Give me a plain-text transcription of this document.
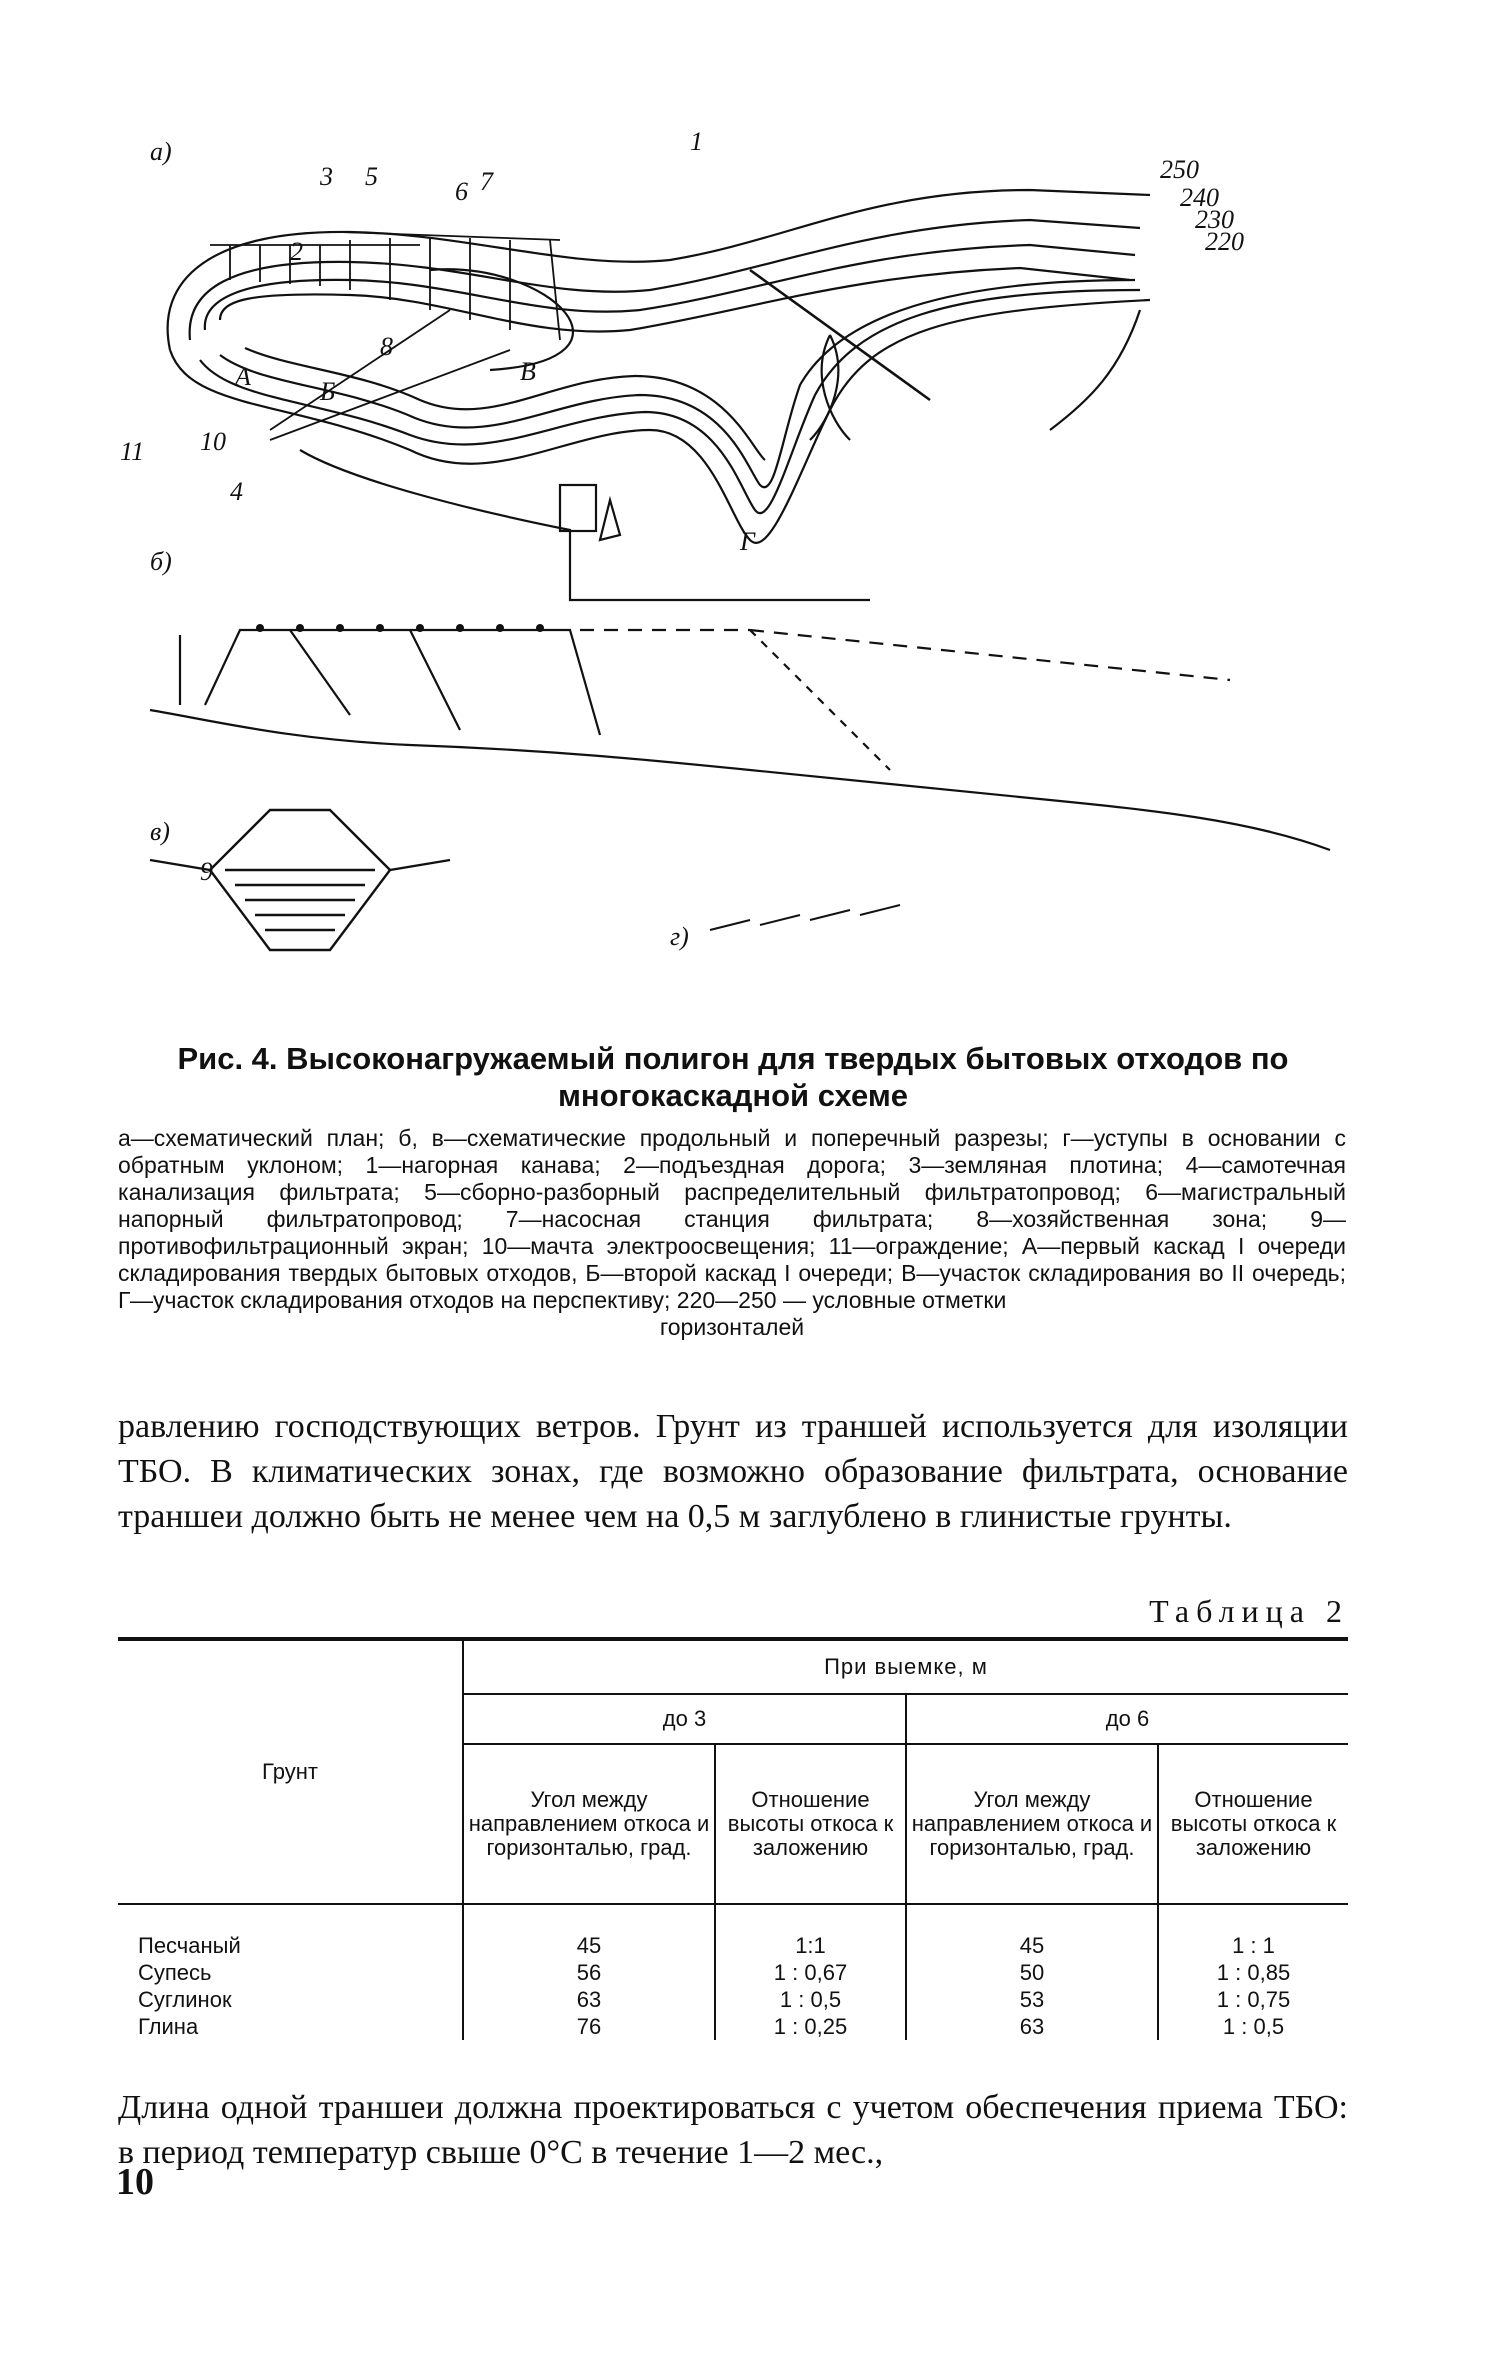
а)
б)
в)
г)
250
240
230
220
1
2
3
4
5
6 7
8
9
10
11
А
Б
В
Г
Рис. 4. Высоконагружаемый полигон для твердых бытовых отходов по многокаскадной схеме
а—схематический план; б, в—схематические продольный и поперечный разрезы; г—уступы в основании с обратным уклоном; 1—нагорная канава; 2—подъездная дорога; 3—земляная плотина; 4—самотечная канализация фильтрата; 5—сборно-разборный распределительный фильтратопровод; 6—магистральный напорный фильтратопровод; 7—насосная станция фильтрата; 8—хозяйственная зона; 9—противофильтрационный экран; 10—мачта электроосвещения; 11—ограждение; А—первый каскад I очереди складирования твердых бытовых отходов, Б—второй каскад I очереди; В—участок складирования во II очередь; Г—участок складирования отходов на перспективу; 220—250 — условные отметки
горизонталей
равлению господствующих ветров. Грунт из траншей используется для изоляции ТБО. В климатических зонах, где возможно образование фильтрата, основание траншеи должно быть не менее чем на 0,5 м заглублено в глинистые грунты.
Таблица 2
Грунт	При выемке, м			
	до 3		до 6	
	Угол между направлением откоса и горизонталью, град.	Отношение высоты откоса к заложению	Угол между направлением откоса и горизонталью, град.	Отношение высоты откоса к заложению

Песчаный	45	1:1	45	1 : 1
Супесь	56	1 : 0,67	50	1 : 0,85
Суглинок	63	1 : 0,5	53	1 : 0,75
Глина	76	1 : 0,25	63	1 : 0,5
Длина одной траншеи должна проектироваться с учетом обеспечения приема ТБО: в период температур свыше 0°С в течение 1—2 мес.,
10
